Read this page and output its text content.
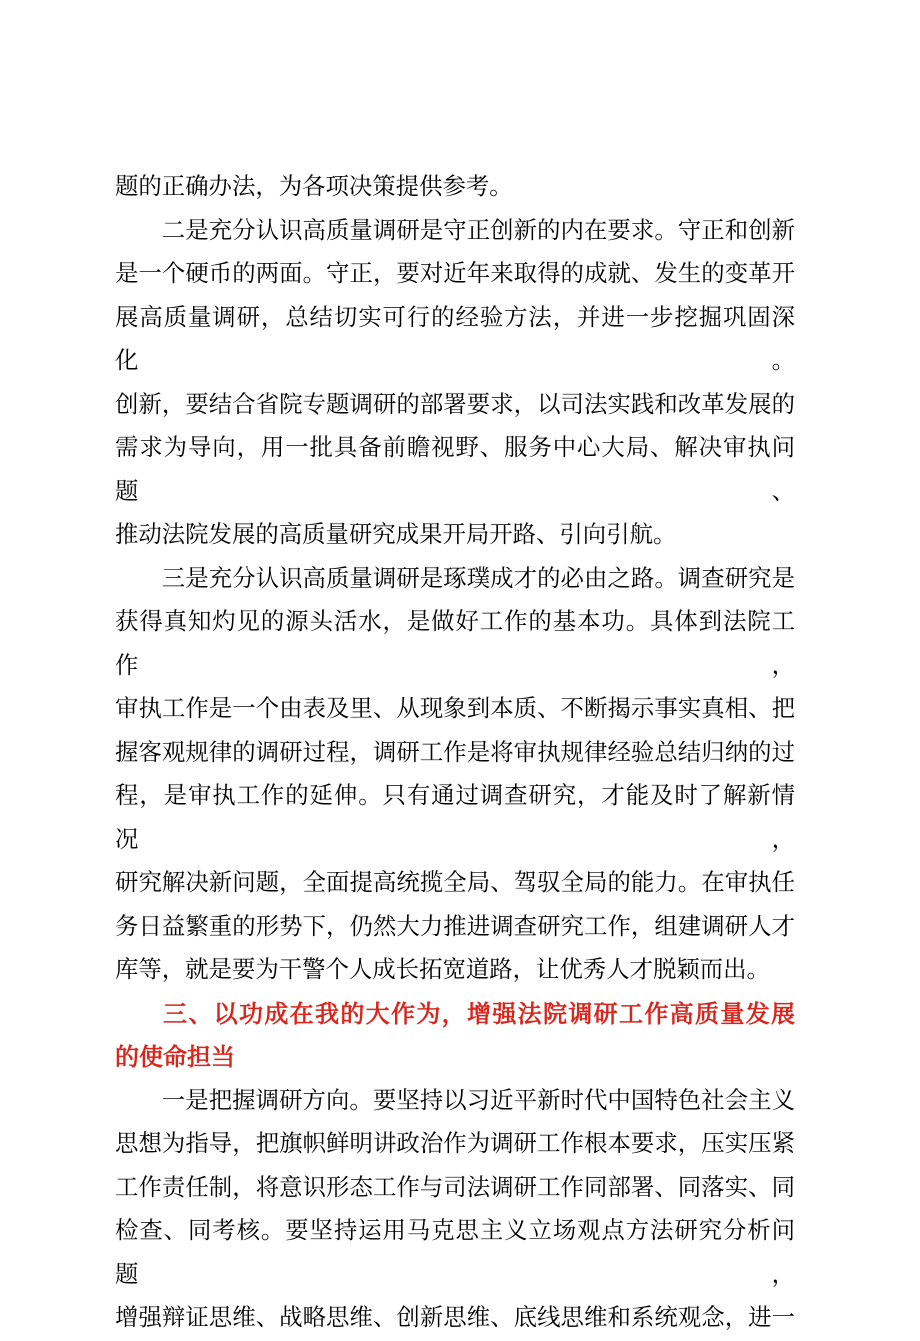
题的正确办法，为各项决策提供参考。
二是充分认识高质量调研是守正创新的内在要求。守正和创新
是一个硬币的两面。守正，要对近年来取得的成就、发生的变革开
展高质量调研，总结切实可行的经验方法，并进一步挖掘巩固深化。
创新，要结合省院专题调研的部署要求，以司法实践和改革发展的
需求为导向，用一批具备前瞻视野、服务中心大局、解决审执问题、
推动法院发展的高质量研究成果开局开路、引向引航。
三是充分认识高质量调研是琢璞成才的必由之路。调查研究是
获得真知灼见的源头活水，是做好工作的基本功。具体到法院工作，
审执工作是一个由表及里、从现象到本质、不断揭示事实真相、把
握客观规律的调研过程，调研工作是将审执规律经验总结归纳的过
程，是审执工作的延伸。只有通过调查研究，才能及时了解新情况，
研究解决新问题，全面提高统揽全局、驾驭全局的能力。在审执任
务日益繁重的形势下，仍然大力推进调查研究工作，组建调研人才
库等，就是要为干警个人成长拓宽道路，让优秀人才脱颖而出。
三、以功成在我的大作为，增强法院调研工作高质量发展
的使命担当
一是把握调研方向。要坚持以习近平新时代中国特色社会主义
思想为指导，把旗帜鲜明讲政治作为调研工作根本要求，压实压紧
工作责任制，将意识形态工作与司法调研工作同部署、同落实、同
检查、同考核。要坚持运用马克思主义立场观点方法研究分析问题，
增强辩证思维、战略思维、创新思维、底线思维和系统观念，进一
